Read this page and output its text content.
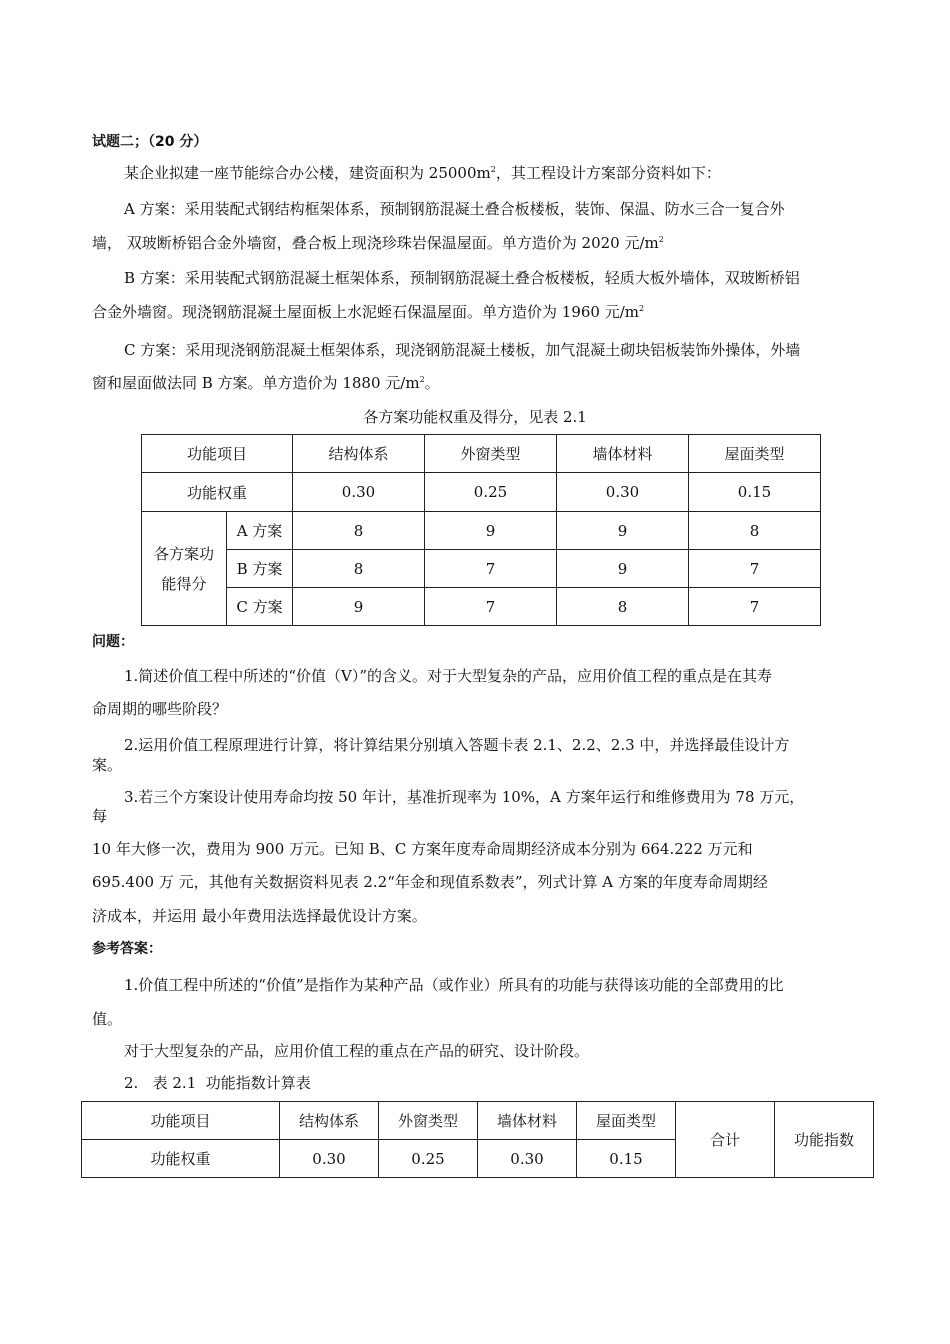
试题二；（20 分）
某企业拟建一座节能综合办公楼，建资面积为 $25000m^2$，其工程设计方案部分资料如下：
A 方案：采用装配式钢结构框架体系，预制钢筋混凝土叠合板楼板，装饰、保温、防水三合一复合外
墙， 双玻断桥铝合金外墙窗，叠合板上现浇珍珠岩保温屋面。单方造价为 2020 元$/m^2$
B 方案：采用装配式钢筋混凝土框架体系，预制钢筋混凝土叠合板楼板，轻质大板外墙体，双玻断桥铝
合金外墙窗。现浇钢筋混凝土屋面板上水泥蛭石保温屋面。单方造价为 1960 元$/m^2$
C 方案：采用现浇钢筋混凝土框架体系，现浇钢筋混凝土楼板，加气混凝土砌块铝板装饰外操体，外墙
窗和屋面做法同 B 方案。单方造价为 1880 元$/m^2$。
各方案功能权重及得分，见表 2.1
功能项目		结构体系	外窗类型	墙体材料	屋面类型
功能权重		0.30	0.25	0.30	0.15
各方案功
能得分	A 方案	8	9	9	8
	B 方案	8	7	9	7
	C 方案	9	7	8	7
问题：
1.简述价值工程中所述的“价值（V）”的含义。对于大型复杂的产品，应用价值工程的重点是在其寿
命周期的哪些阶段？
2.运用价值工程原理进行计算，将计算结果分别填入答题卡表 2.1、2.2、2.3 中，并选择最佳设计方
案。
3.若三个方案设计使用寿命均按 50 年计，基准折现率为 10%，A 方案年运行和维修费用为 78 万元，
每
10 年大修一次，费用为 900 万元。已知 B、C 方案年度寿命周期经济成本分别为 664.222 万元和
695.400 万 元，其他有关数据资料见表 2.2“年金和现值系数表”，列式计算 A 方案的年度寿命周期经
济成本，并运用 最小年费用法选择最优设计方案。
参考答案：
1.价值工程中所述的“价值”是指作为某种产品（或作业）所具有的功能与获得该功能的全部费用的比
值。
对于大型复杂的产品，应用价值工程的重点在产品的研究、设计阶段。
2.   表 2.1  功能指数计算表
功能项目	结构体系	外窗类型	墙体材料	屋面类型	合计	功能指数
功能权重	0.30	0.25	0.30	0.15		
